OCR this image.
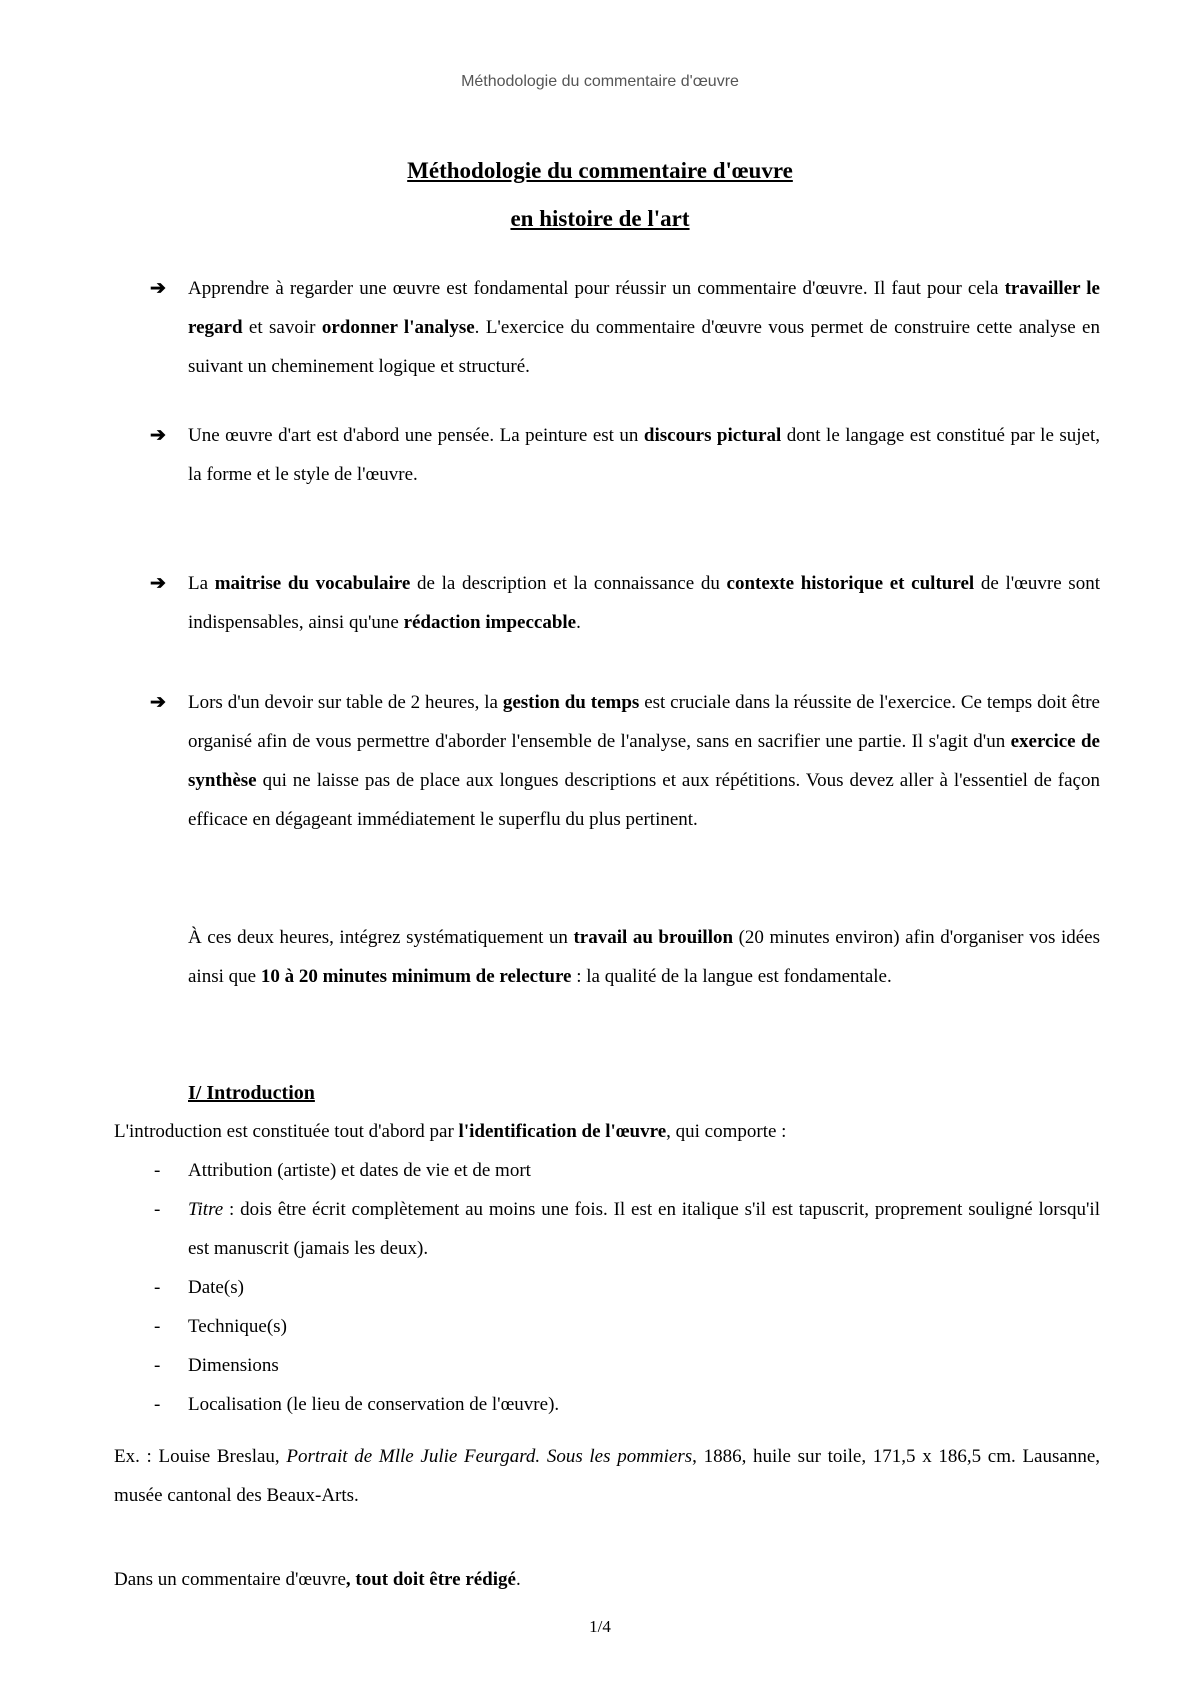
Méthodologie du commentaire d'œuvre
Méthodologie du commentaire d'œuvre
en histoire de l'art
➔	Apprendre à regarder une œuvre est fondamental pour réussir un commentaire d'œuvre. Il faut pour cela travailler le regard et savoir ordonner l'analyse. L'exercice du commentaire d'œuvre vous permet de construire cette analyse en suivant un cheminement logique et structuré.

➔	Une œuvre d'art est d'abord une pensée. La peinture est un discours pictural dont le langage est constitué par le sujet, la forme et le style de l'œuvre.

➔	La maitrise du vocabulaire de la description et la connaissance du contexte historique et culturel de l'œuvre sont indispensables, ainsi qu'une rédaction impeccable.

➔	Lors d'un devoir sur table de 2 heures, la gestion du temps est cruciale dans la réussite de l'exercice. Ce temps doit être organisé afin de vous permettre d'aborder l'ensemble de l'analyse, sans en sacrifier une partie. Il s'agit d'un exercice de synthèse qui ne laisse pas de place aux longues descriptions et aux répétitions. Vous devez aller à l'essentiel de façon efficace en dégageant immédiatement le superflu du plus pertinent.

À ces deux heures, intégrez systématiquement un travail au brouillon (20 minutes environ) afin d'organiser vos idées ainsi que 10 à 20 minutes minimum de relecture : la qualité de la langue est fondamentale.

I/ Introduction

L'introduction est constituée tout d'abord par l'identification de l'œuvre, qui comporte :

- Attribution (artiste) et dates de vie et de mort
- Titre : dois être écrit complètement au moins une fois. Il est en italique s'il est tapuscrit, proprement souligné lorsqu'il est manuscrit (jamais les deux).
- Date(s)
- Technique(s)
- Dimensions
- Localisation (le lieu de conservation de l'œuvre).

Ex. : Louise Breslau, Portrait de Mlle Julie Feurgard. Sous les pommiers, 1886, huile sur toile, 171,5 x 186,5 cm. Lausanne, musée cantonal des Beaux-Arts.

Dans un commentaire d'œuvre, tout doit être rédigé.

1/4
